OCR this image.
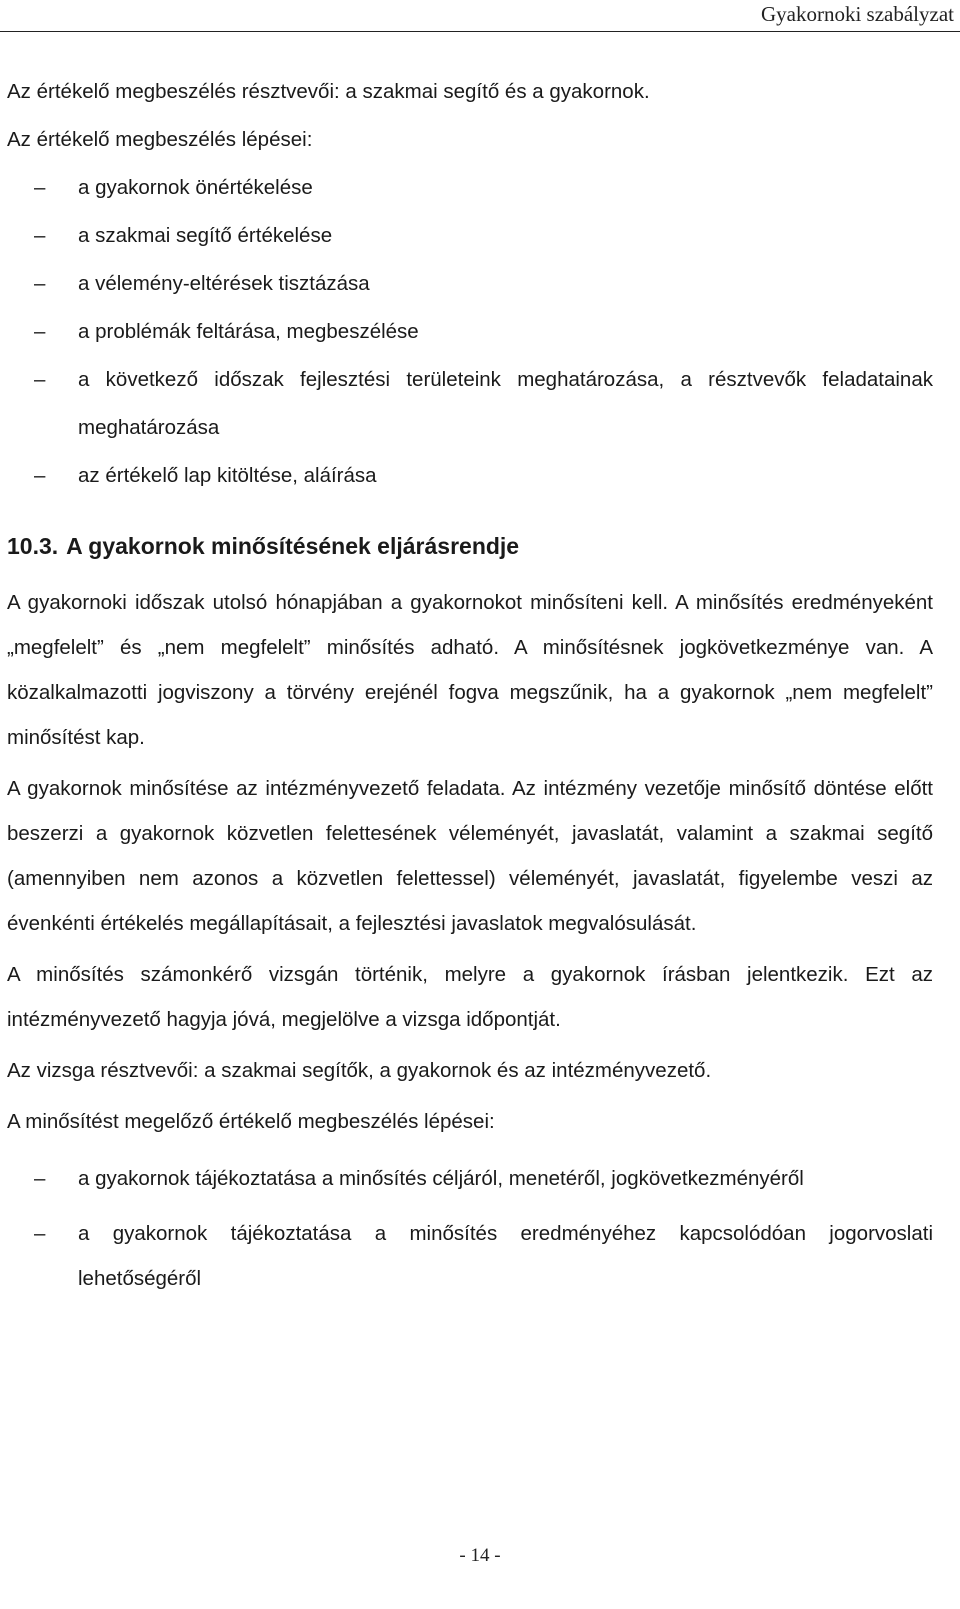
Gyakornoki szabályzat

Az értékelő megbeszélés résztvevői: a szakmai segítő és a gyakornok.

Az értékelő megbeszélés lépései:

– a gyakornok önértékelése
– a szakmai segítő értékelése
– a vélemény-eltérések tisztázása
– a problémák feltárása, megbeszélése
– a következő időszak fejlesztési területeink meghatározása, a résztvevők feladatainak meghatározása
– az értékelő lap kitöltése, aláírása
10.3. A gyakornok minősítésének eljárásrendje

A gyakornoki időszak utolsó hónapjában a gyakornokot minősíteni kell. A minősítés eredményeként „megfelelt” és „nem megfelelt” minősítés adható. A minősítésnek jogkövetkezménye van. A közalkalmazotti jogviszony a törvény erejénél fogva megszűnik, ha a gyakornok „nem megfelelt” minősítést kap.

A gyakornok minősítése az intézményvezető feladata. Az intézmény vezetője minősítő döntése előtt beszerzi a gyakornok közvetlen felettesének véleményét, javaslatát, valamint a szakmai segítő (amennyiben nem azonos a közvetlen felettessel) véleményét, javaslatát, figyelembe veszi az évenkénti értékelés megállapításait, a fejlesztési javaslatok megvalósulását.

A minősítés számonkérő vizsgán történik, melyre a gyakornok írásban jelentkezik. Ezt az intézményvezető hagyja jóvá, megjelölve a vizsga időpontját.

Az vizsga résztvevői: a szakmai segítők, a gyakornok és az intézményvezető.

A minősítést megelőző értékelő megbeszélés lépései:

– a gyakornok tájékoztatása a minősítés céljáról, menetéről, jogkövetkezményéről
– a gyakornok tájékoztatása a minősítés eredményéhez kapcsolódóan jogorvoslati lehetőségéről
- 14 -
